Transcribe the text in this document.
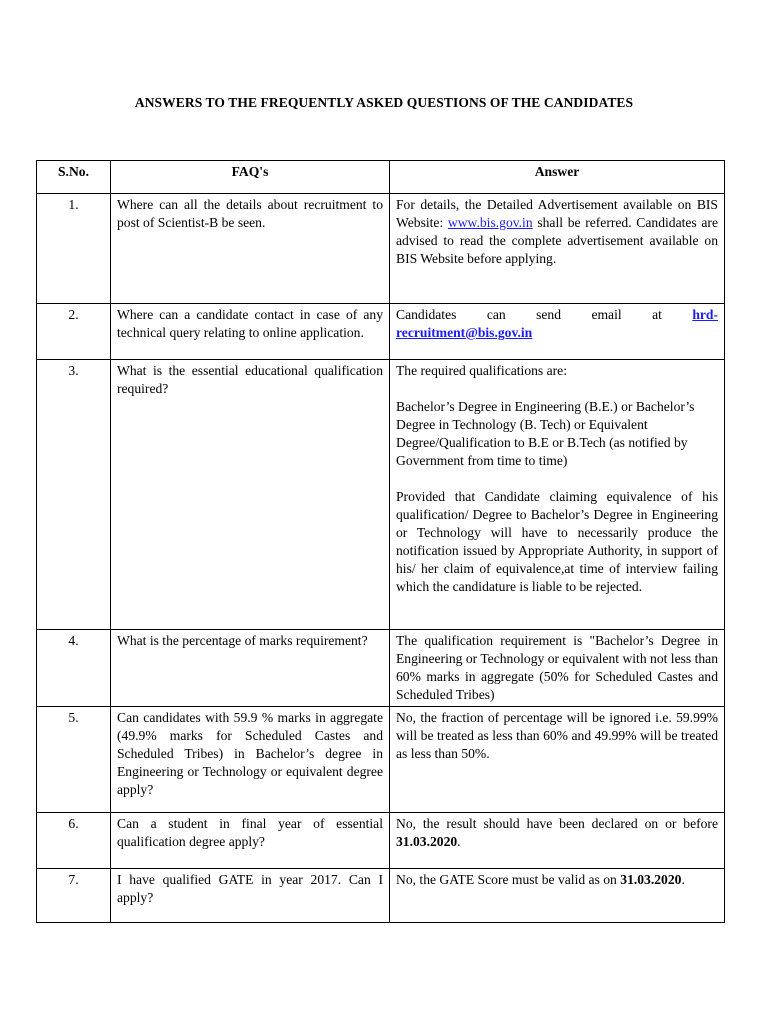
ANSWERS TO THE FREQUENTLY ASKED QUESTIONS OF THE CANDIDATES
S.No.	FAQ's	Answer
1.	Where can all the details about recruitment to post of Scientist-B be seen.	For details, the Detailed Advertisement available on BIS Website: www.bis.gov.in shall be referred. Candidates are advised to read the complete advertisement available on BIS Website before applying.
2.	Where can a candidate contact in case of any technical query relating to online application.	Candidates can send email at hrd-recruitment@bis.gov.in
3.	What is the essential educational qualification required?	The required qualifications are:

Bachelor’s Degree in Engineering (B.E.) or Bachelor’s Degree in Technology (B. Tech) or Equivalent Degree/Qualification to B.E or B.Tech (as notified by Government from time to time)

Provided that Candidate claiming equivalence of his qualification/ Degree to Bachelor’s Degree in Engineering or Technology will have to necessarily produce the notification issued by Appropriate Authority, in support of his/ her claim of equivalence,at time of interview failing which the candidature is liable to be rejected.

4.	What is the percentage of marks requirement?	The qualification requirement is "Bachelor’s Degree in Engineering or Technology or equivalent with not less than 60% marks in aggregate (50% for Scheduled Castes and Scheduled Tribes)
5.	Can candidates with 59.9 % marks in aggregate (49.9% marks for Scheduled Castes and Scheduled Tribes) in Bachelor’s degree in Engineering or Technology or equivalent degree apply?	No, the fraction of percentage will be ignored i.e. 59.99% will be treated as less than 60% and 49.99% will be treated as less than 50%.
6.	Can a student in final year of essential qualification degree apply?	No, the result should have been declared on or before 31.03.2020.
7.	I have qualified GATE in year 2017. Can I apply?	No, the GATE Score must be valid as on 31.03.2020.
